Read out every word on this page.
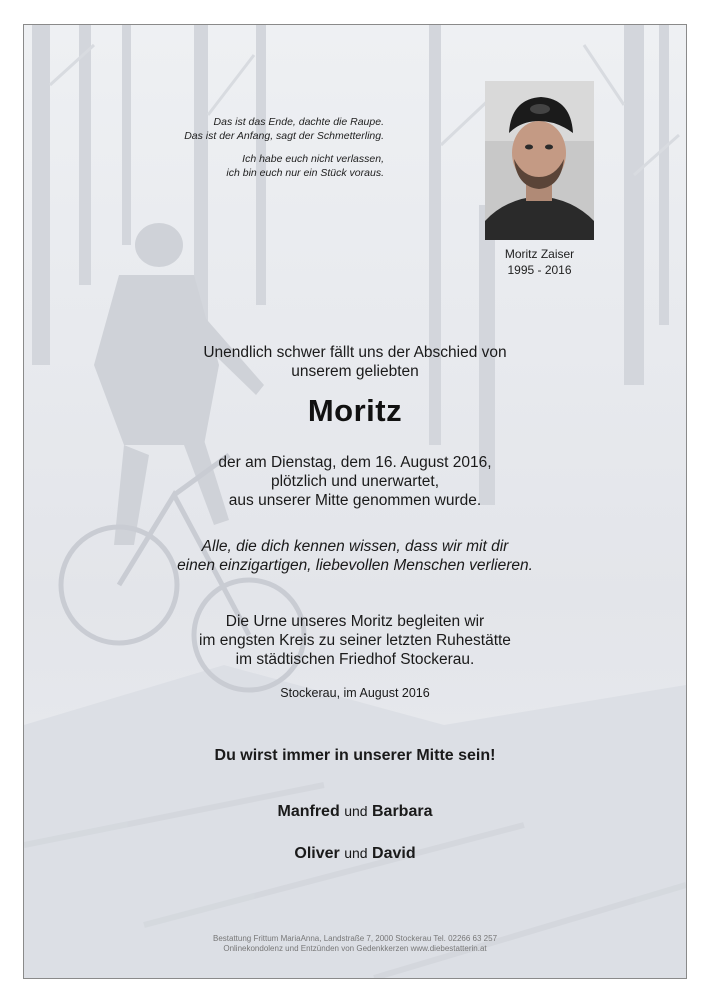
Das ist das Ende, dachte die Raupe.
Das ist der Anfang, sagt der Schmetterling.

Ich habe euch nicht verlassen,
ich bin euch nur ein Stück voraus.

Moritz Zaiser
1995 - 2016
Unendlich schwer fällt uns der Abschied von
unserem geliebten
Moritz
der am Dienstag, dem 16. August 2016,
plötzlich und unerwartet,
aus unserer Mitte genommen wurde.
Alle, die dich kennen wissen, dass wir mit dir
einen einzigartigen, liebevollen Menschen verlieren.
Die Urne unseres Moritz begleiten wir
im engsten Kreis zu seiner letzten Ruhestätte
im städtischen Friedhof Stockerau.
Stockerau, im August 2016
Du wirst immer in unserer Mitte sein!
Manfred und Barbara
Oliver und David
Bestattung Frittum MariaAnna, Landstraße 7, 2000 Stockerau Tel. 02266 63 257
Onlinekondolenz und Entzünden von Gedenkkerzen www.diebestatterin.at
